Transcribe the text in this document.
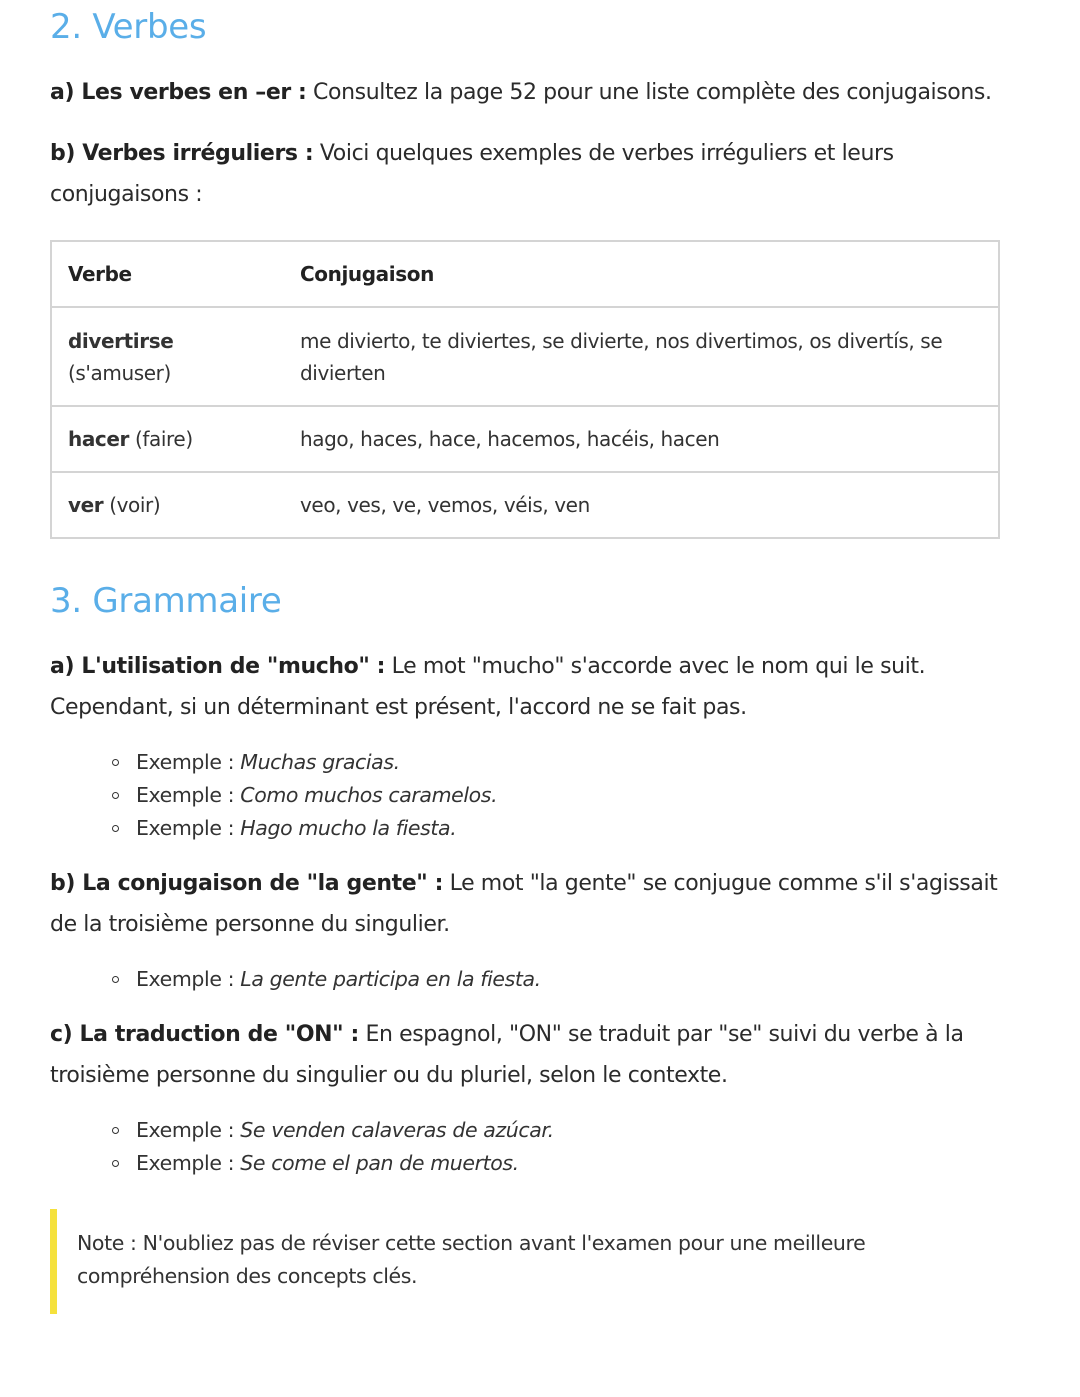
2. Verbes

a) Les verbes en –er : Consultez la page 52 pour une liste complète des conjugaisons.

b) Verbes irréguliers : Voici quelques exemples de verbes irréguliers et leurs conjugaisons :

Verbe	Conjugaison
divertirse
(s'amuser)	me divierto, te diviertes, se divierte, nos divertimos, os divertís, se divierten
hacer (faire)	hago, haces, hace, hacemos, hacéis, hacen
ver (voir)	veo, ves, ve, vemos, véis, ven
3. Grammaire

a) L'utilisation de "mucho" : Le mot "mucho" s'accorde avec le nom qui le suit. Cependant, si un déterminant est présent, l'accord ne se fait pas.

Exemple : Muchas gracias.
Exemple : Como muchos caramelos.
Exemple : Hago mucho la fiesta.

b) La conjugaison de "la gente" : Le mot "la gente" se conjugue comme s'il s'agissait de la troisième personne du singulier.

Exemple : La gente participa en la fiesta.

c) La traduction de "ON" : En espagnol, "ON" se traduit par "se" suivi du verbe à la troisième personne du singulier ou du pluriel, selon le contexte.

Exemple : Se venden calaveras de azúcar.
Exemple : Se come el pan de muertos.
Note : N'oubliez pas de réviser cette section avant l'examen pour une meilleure compréhension des concepts clés.
